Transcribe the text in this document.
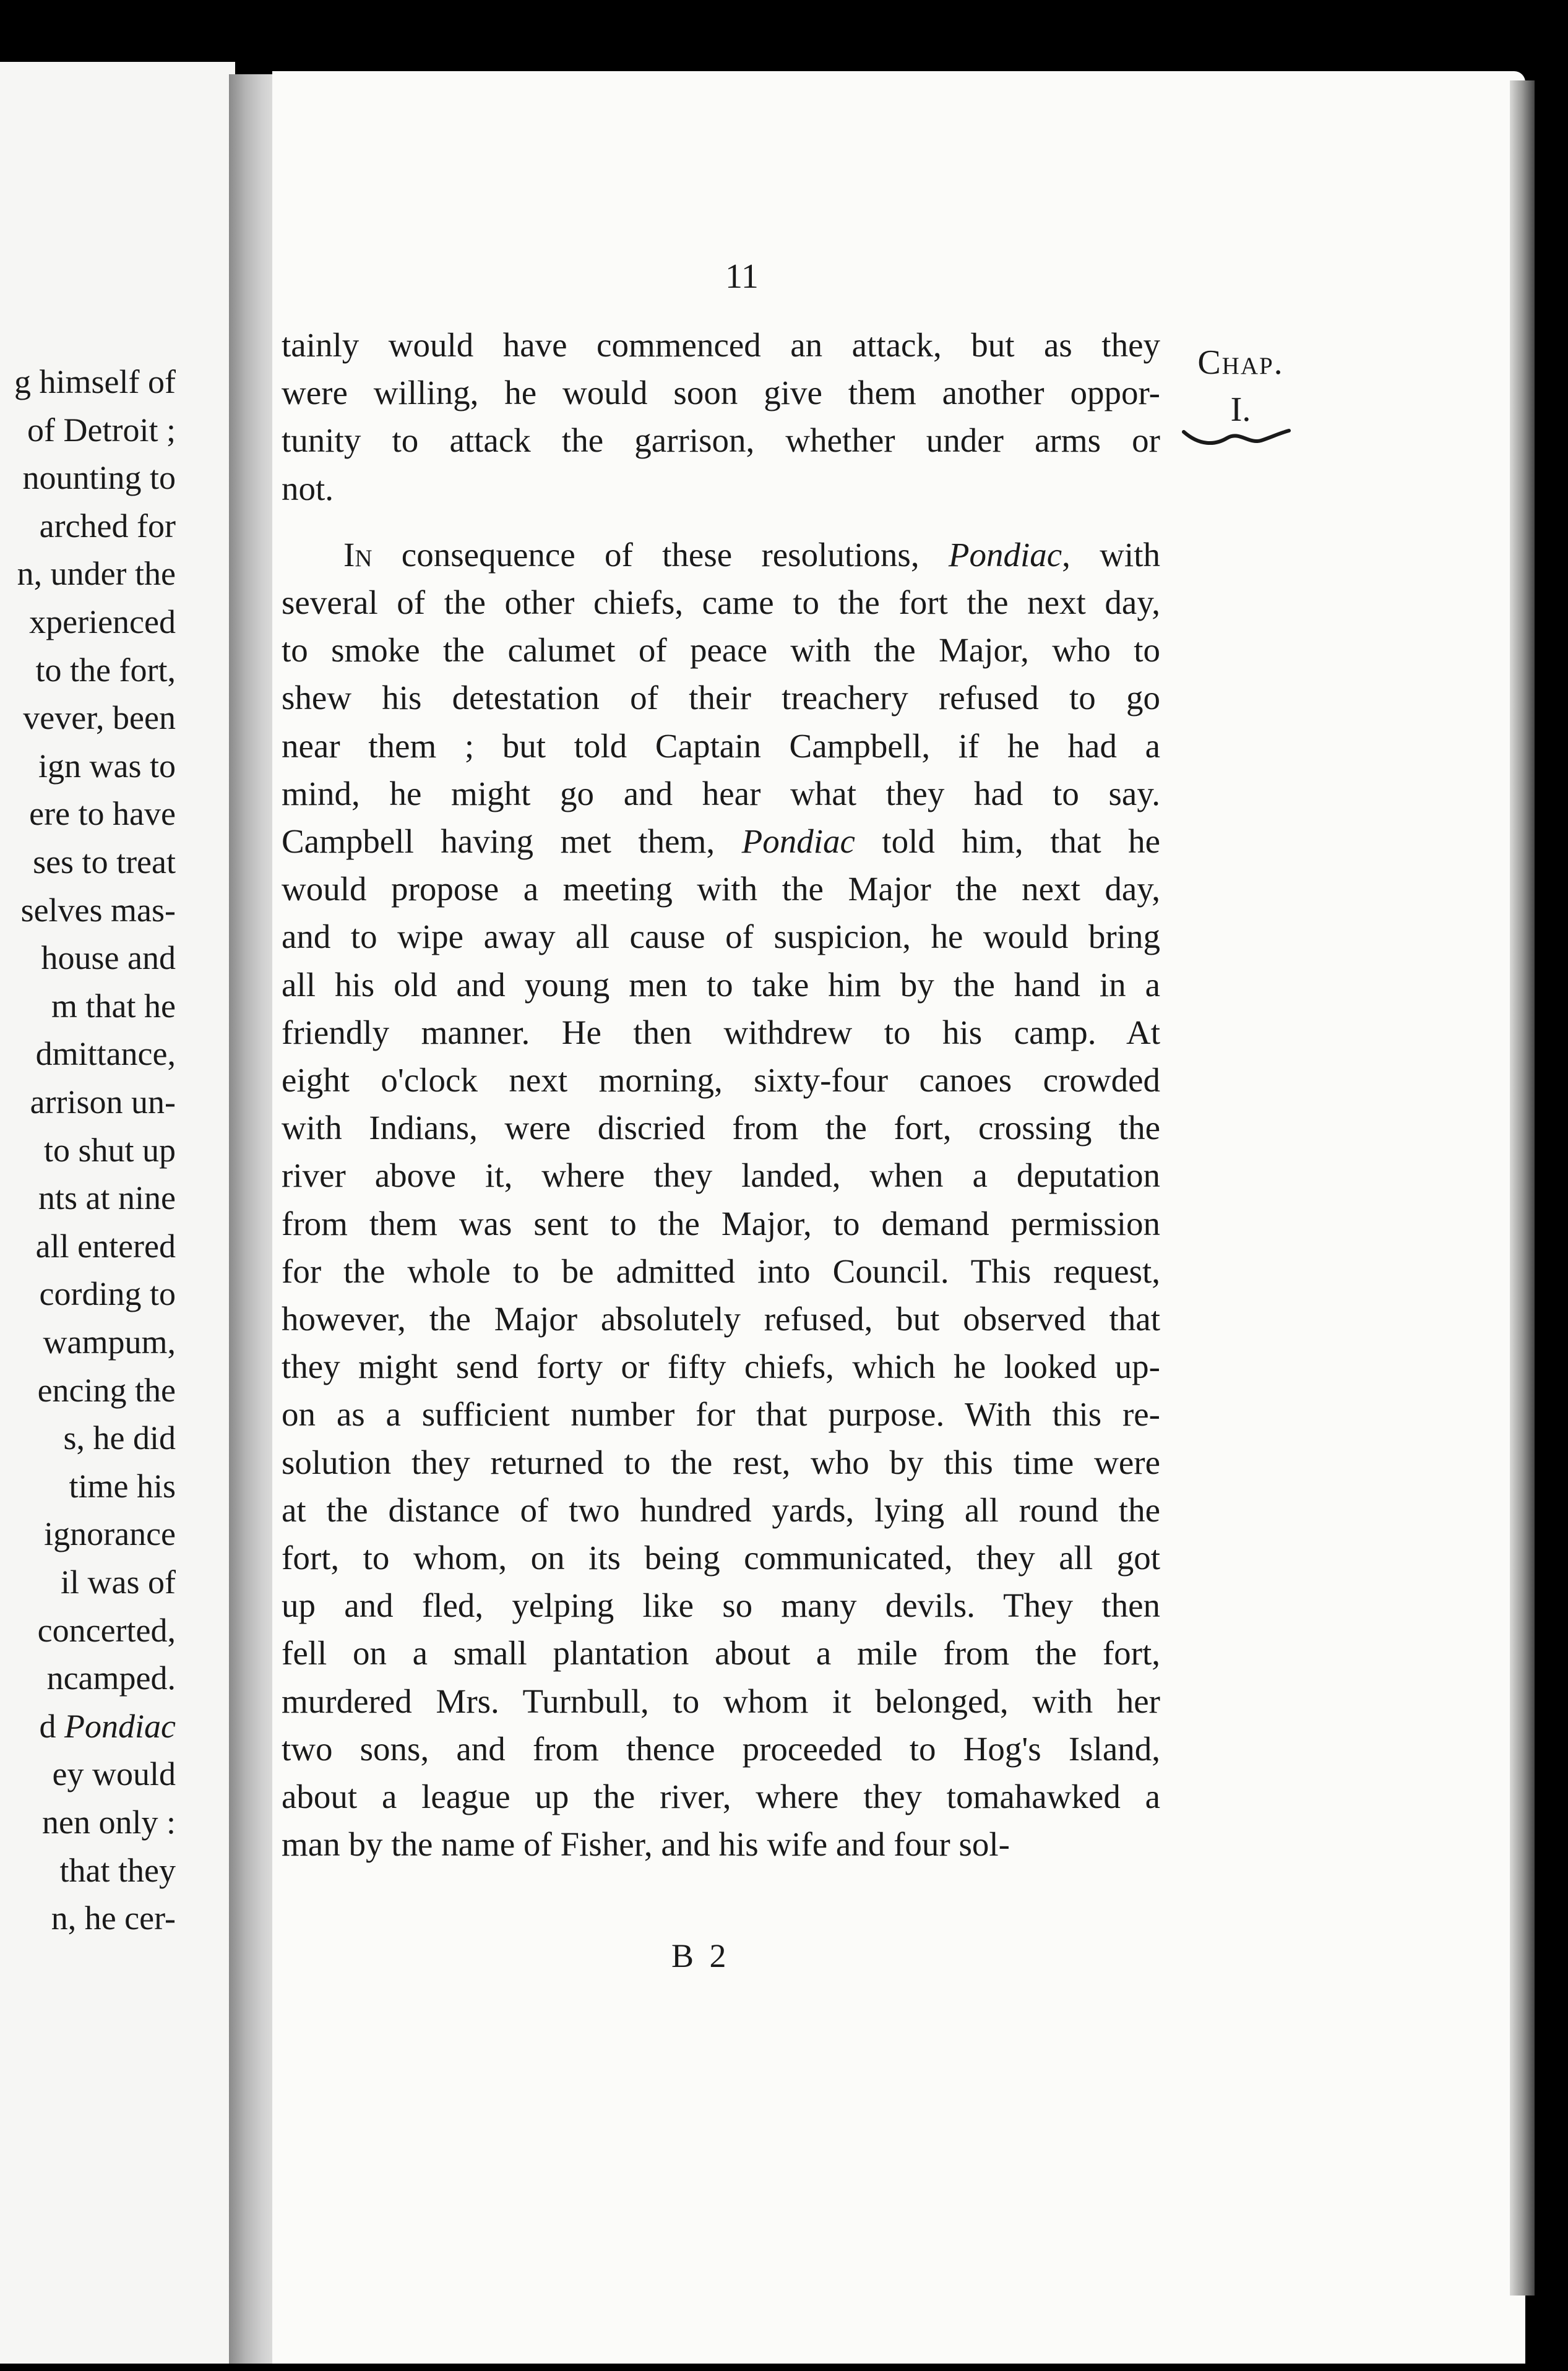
g himself of
of Detroit ;
nounting to
arched for
n, under the
xperienced
to the fort,
vever, been
ign was to
ere to have
ses to treat
selves mas-
house and
m that he
dmittance,
arrison un-
to shut up
nts at nine
all entered
cording to
wampum,
encing the
s, he did
time his
ignorance
il was of
concerted,
ncamped.
d Pondiac
ey would
nen only :
that they
n, he cer-
11
Chap.
I.
tainly would have commenced an attack, but as they
were willing, he would soon give them another oppor-
tunity to attack the garrison, whether under arms or
not.
In consequence of these resolutions, Pondiac, with
several of the other chiefs, came to the fort the next day,
to smoke the calumet of peace with the Major, who to
shew his detestation of their treachery refused to go
near them ; but told Captain Campbell, if he had a
mind, he might go and hear what they had to say.
Campbell having met them, Pondiac told him, that he
would propose a meeting with the Major the next day,
and to wipe away all cause of suspicion, he would bring
all his old and young men to take him by the hand in a
friendly manner. He then withdrew to his camp. At
eight o'clock next morning, sixty-four canoes crowded
with Indians, were discried from the fort, crossing the
river above it, where they landed, when a deputation
from them was sent to the Major, to demand permission
for the whole to be admitted into Council. This request,
however, the Major absolutely refused, but observed that
they might send forty or fifty chiefs, which he looked up-
on as a sufficient number for that purpose. With this re-
solution they returned to the rest, who by this time were
at the distance of two hundred yards, lying all round the
fort, to whom, on its being communicated, they all got
up and fled, yelping like so many devils. They then
fell on a small plantation about a mile from the fort,
murdered Mrs. Turnbull, to whom it belonged, with her
two sons, and from thence proceeded to Hog's Island,
about a league up the river, where they tomahawked a
man by the name of Fisher, and his wife and four sol-
B 2
